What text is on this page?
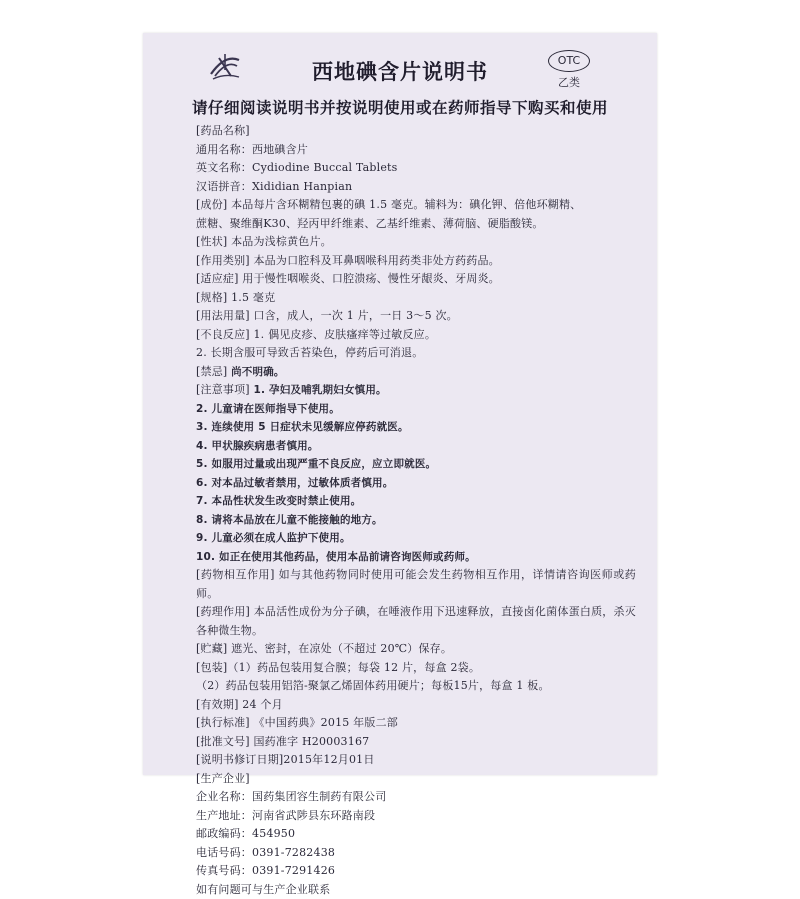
西地碘含片说明书	OTC
乙类
请仔细阅读说明书并按说明使用或在药师指导下购买和使用
[药品名称]
通用名称：西地碘含片
英文名称：Cydiodine Buccal Tablets
汉语拼音：Xididian Hanpian
[成份] 本品每片含环糊精包裹的碘 1.5 毫克。辅料为：碘化钾、倍他环糊精、
蔗糖、聚维酮K30、羟丙甲纤维素、乙基纤维素、薄荷脑、硬脂酸镁。
[性状] 本品为浅棕黄色片。
[作用类别] 本品为口腔科及耳鼻咽喉科用药类非处方药药品。
[适应症] 用于慢性咽喉炎、口腔溃疡、慢性牙龈炎、牙周炎。
[规格] 1.5 毫克
[用法用量] 口含，成人，一次 1 片，一日 3～5 次。
[不良反应] 1. 偶见皮疹、皮肤瘙痒等过敏反应。
2. 长期含服可导致舌苔染色，停药后可消退。
[禁忌] 尚不明确。
[注意事项] 1. 孕妇及哺乳期妇女慎用。
2. 儿童请在医师指导下使用。
3. 连续使用 5 日症状未见缓解应停药就医。
4. 甲状腺疾病患者慎用。
5. 如服用过量或出现严重不良反应，应立即就医。
6. 对本品过敏者禁用，过敏体质者慎用。
7. 本品性状发生改变时禁止使用。
8. 请将本品放在儿童不能接触的地方。
9. 儿童必须在成人监护下使用。
10. 如正在使用其他药品，使用本品前请咨询医师或药师。
[药物相互作用] 如与其他药物同时使用可能会发生药物相互作用，详情请咨询医师或药师。
[药理作用] 本品活性成份为分子碘，在唾液作用下迅速释放，直接卤化菌体蛋白质，杀灭各种微生物。
[贮藏] 遮光、密封，在凉处（不超过 20℃）保存。
[包装]（1）药品包装用复合膜；每袋 12 片，每盒 2袋。
（2）药品包装用铝箔-聚氯乙烯固体药用硬片；每板15片，每盒 1 板。
[有效期] 24 个月
[执行标准] 《中国药典》2015 年版二部
[批准文号] 国药准字 H20003167
[说明书修订日期]2015年12月01日
[生产企业]
企业名称：国药集团容生制药有限公司
生产地址：河南省武陟县东环路南段
邮政编码：454950
电话号码：0391-7282438
传真号码：0391-7291426
如有问题可与生产企业联系
